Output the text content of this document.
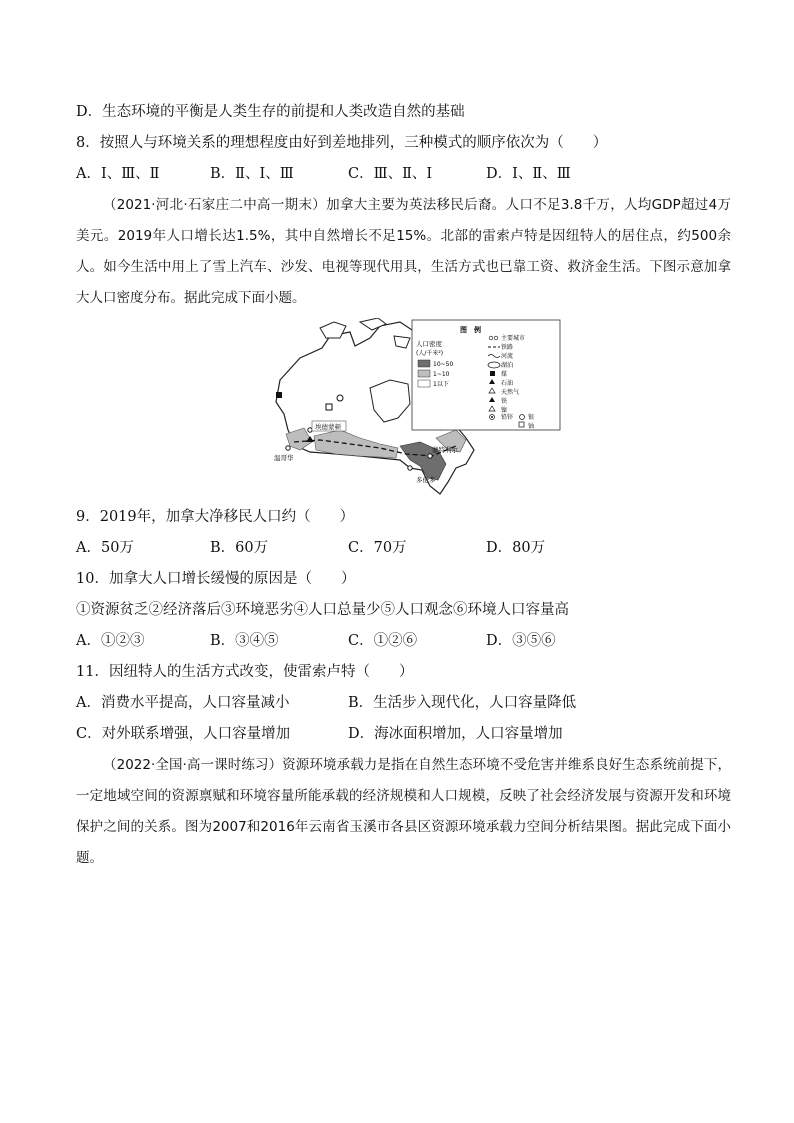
D．生态环境的平衡是人类生存的前提和人类改造自然的基础
8．按照人与环境关系的理想程度由好到差地排列，三种模式的顺序依次为（　　）
A．Ⅰ、Ⅲ、Ⅱ	B．Ⅱ、Ⅰ、Ⅲ	C．Ⅲ、Ⅱ、Ⅰ	D．Ⅰ、Ⅱ、Ⅲ
（2021·河北·石家庄二中高一期末）加拿大主要为英法移民后裔。人口不足3.8千万，人均GDP超过4万美元。2019年人口增长达1.5%，其中自然增长不足15%。北部的雷索卢特是因纽特人的居住点，约500余人。如今生活中用上了雪上汽车、沙发、电视等现代用具，生活方式也已靠工资、救济金生活。下图示意加拿大人口密度分布。据此完成下面小题。
温哥华
埃德蒙顿
蒙特利尔
多伦多
图　例
人口密度
(人/千米²)
10~50
1~10
1以下
主要城市
铁路
河流
湖泊
煤
石油
天然气
铁
镍
铅锌 银
铀
9．2019年，加拿大净移民人口约（　　）
A．50万	B．60万	C．70万	D．80万
10．加拿大人口增长缓慢的原因是（　　）
①资源贫乏②经济落后③环境恶劣④人口总量少⑤人口观念⑥环境人口容量高
A．①②③	B．③④⑤	C．①②⑥	D．③⑤⑥
11．因纽特人的生活方式改变，使雷索卢特（　　）
A．消费水平提高，人口容量减小	B．生活步入现代化，人口容量降低
C．对外联系增强，人口容量增加	D．海冰面积增加，人口容量增加
（2022·全国·高一课时练习）资源环境承载力是指在自然生态环境不受危害并维系良好生态系统前提下，一定地域空间的资源禀赋和环境容量所能承载的经济规模和人口规模，反映了社会经济发展与资源开发和环境保护之间的关系。图为2007和2016年云南省玉溪市各县区资源环境承载力空间分析结果图。据此完成下面小题。
